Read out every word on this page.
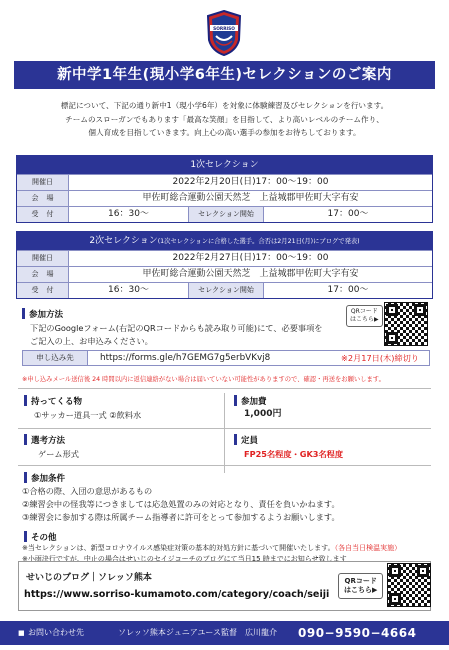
SORRISO
新中学1年生(現小学6年生)セレクションのご案内
標記について、下記の通り新中1（現小学6年）を対象に体験練習及びセレクションを行います。
チームのスローガンでもあります「最高な笑顔」を目指して、より高いレベルのチーム作り、
個人育成を目指していきます。向上心の高い選手の参加をお待ちしております。
1次セレクション
開催日	2022年2月20日(日)17：00〜19：00
会場	甲佐町総合運動公園天然芝　上益城郡甲佐町大字有安
受付	16：30〜	セレクション開始	17：00〜
2次セレクション(1次セレクションに合格した選手。合否は2月21日(月)にブログで発表)
開催日	2022年2月27日(日)17：00〜19：00
会場	甲佐町総合運動公園天然芝　上益城郡甲佐町大字有安
受付	16：30〜	セレクション開始	17：00〜
参加方法
下記のGoogleフォーム(右記のQRコードからも読み取り可能)にて、必要事項を
ご記入の上、お申込みください。
QRコード
はこちら▶
申し込み先	https://forms.gle/h7GEMG7g5erbVKvj8	※2月17日(木)締切り
※申し込みメール送信後 24 時間以内に返信連絡がない場合は届いていない可能性がありますので、確認・再送をお願いします。
持ってくる物
①サッカー道具一式 ②飲料水
参加費
1,000円
選考方法
ゲーム形式
定員
FP25名程度・GK3名程度
参加条件
①合格の際、入団の意思があるもの
②練習会中の怪我等につきましては応急処置のみの対応となり、責任を負いかねます。
③練習会に参加する際は所属チーム指導者に許可をとって参加するようお願いします。
その他
※当セレクションは、新型コロナウイルス感染症対策の基本的対処方針に基づいて開催いたします。（各自当日検温実施）
※小雨決行ですが、中止の場合はせいじのセイジコーチのブログにて当日15 時までにお知らせ致します
せいじのブログ｜ソレッソ熊本
https://www.sorriso-kumamoto.com/category/coach/seiji
QRコード
はこちら▶
■ お問い合わせ先	ソレッソ熊本ジュニアユース監督　広川龍介 090−9590−4664
